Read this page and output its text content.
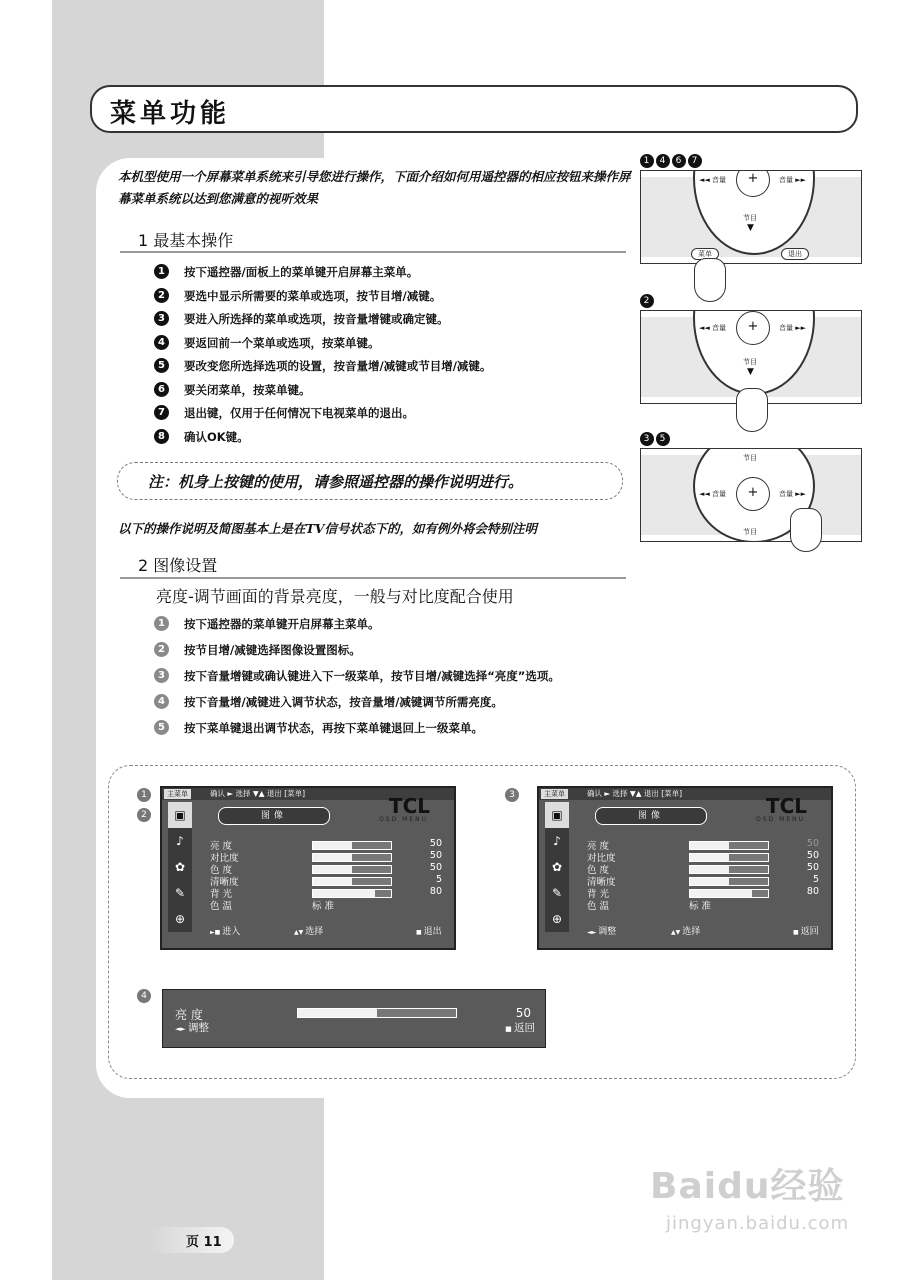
菜单功能
本机型使用一个屏幕菜单系统来引导您进行操作，下面介绍如何用遥控器的相应按钮来操作屏幕菜单系统以达到您满意的视听效果
1 最基本操作
1	按下遥控器/面板上的菜单键开启屏幕主菜单。
2	要选中显示所需要的菜单或选项，按节目增/减键。
3	要进入所选择的菜单或选项，按音量增键或确定键。
4	要返回前一个菜单或选项，按菜单键。
5	要改变您所选择选项的设置，按音量增/减键或节目增/减键。
6	要关闭菜单，按菜单键。
7	退出键，仅用于任何情况下电视菜单的退出。
8	确认OK键。
注：机身上按键的使用，请参照遥控器的操作说明进行。
以下的操作说明及简图基本上是在TV信号状态下的，如有例外将会特别注明
2 图像设置
亮度-调节画面的背景亮度，一般与对比度配合使用
1	按下遥控器的菜单键开启屏幕主菜单。
2	按节目增/减键选择图像设置图标。
3	按下音量增键或确认键进入下一级菜单，按节目增/减键选择“亮度”选项。
4	按下音量增/减键进入调节状态，按音量增/减键调节所需亮度。
5	按下菜单键退出调节状态，再按下菜单键退回上一级菜单。
1 4 6 7
◄◄ 音量	音量 ►►
+
节目
▼
菜单	退出
2
◄◄ 音量	音量 ►►
+
节目
▼
3 5
节目
◄◄ 音量	音量 ►►
+
节目
1
2
3
4
主菜单	确认 ► 选择 ▼▲ 退出 [菜单]
TCL
OSD MENU
▣
♪
✿
✎
⊕
图像
亮 度	50
对比度	50
色 度	50
清晰度	5
背 光	80
色 温	标 准
►■ 进入	▲▼ 选择	■ 退出
主菜单	确认 ► 选择 ▼▲ 退出 [菜单]
TCL
OSD MENU
▣
♪
✿
✎
⊕
图像
亮 度	50
对比度	50
色 度	50
清晰度	5
背 光	80
色 温	标 准
◄► 调整	▲▼ 选择	■ 返回
亮 度	50
◄► 调整	■ 返回
页 11
Baidu经验
jingyan.baidu.com
